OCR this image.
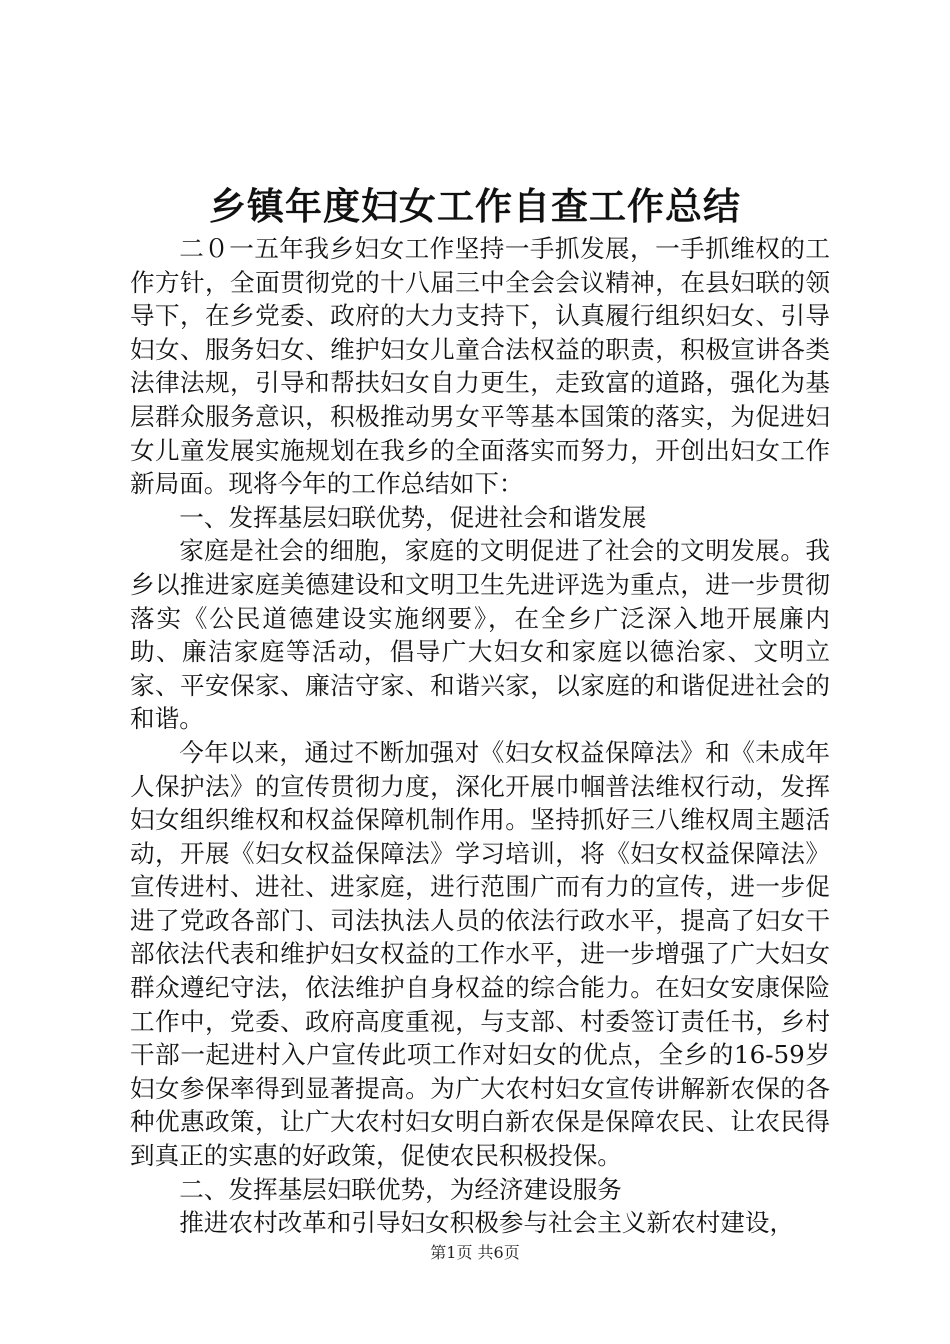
乡镇年度妇女工作自查工作总结

二０一五年我乡妇女工作坚持一手抓发展，一手抓维权的工作方针，全面贯彻党的十八届三中全会会议精神，在县妇联的领导下，在乡党委、政府的大力支持下，认真履行组织妇女、引导妇女、服务妇女、维护妇女儿童合法权益的职责，积极宣讲各类法律法规，引导和帮扶妇女自力更生，走致富的道路，强化为基层群众服务意识，积极推动男女平等基本国策的落实，为促进妇女儿童发展实施规划在我乡的全面落实而努力，开创出妇女工作新局面。现将今年的工作总结如下：

一、发挥基层妇联优势，促进社会和谐发展

家庭是社会的细胞，家庭的文明促进了社会的文明发展。我乡以推进家庭美德建设和文明卫生先进评选为重点，进一步贯彻落实《公民道德建设实施纲要》，在全乡广泛深入地开展廉内助、廉洁家庭等活动，倡导广大妇女和家庭以德治家、文明立家、平安保家、廉洁守家、和谐兴家，以家庭的和谐促进社会的和谐。

今年以来，通过不断加强对《妇女权益保障法》和《未成年人保护法》的宣传贯彻力度，深化开展巾帼普法维权行动，发挥妇女组织维权和权益保障机制作用。坚持抓好三八维权周主题活动，开展《妇女权益保障法》学习培训，将《妇女权益保障法》宣传进村、进社、进家庭，进行范围广而有力的宣传，进一步促进了党政各部门、司法执法人员的依法行政水平，提高了妇女干部依法代表和维护妇女权益的工作水平，进一步增强了广大妇女群众遵纪守法，依法维护自身权益的综合能力。在妇女安康保险工作中，党委、政府高度重视，与支部、村委签订责任书，乡村干部一起进村入户宣传此项工作对妇女的优点，全乡的16-59岁妇女参保率得到显著提高。为广大农村妇女宣传讲解新农保的各种优惠政策，让广大农村妇女明白新农保是保障农民、让农民得到真正的实惠的好政策，促使农民积极投保。

二、发挥基层妇联优势，为经济建设服务

推进农村改革和引导妇女积极参与社会主义新农村建设，

第1页 共6页
